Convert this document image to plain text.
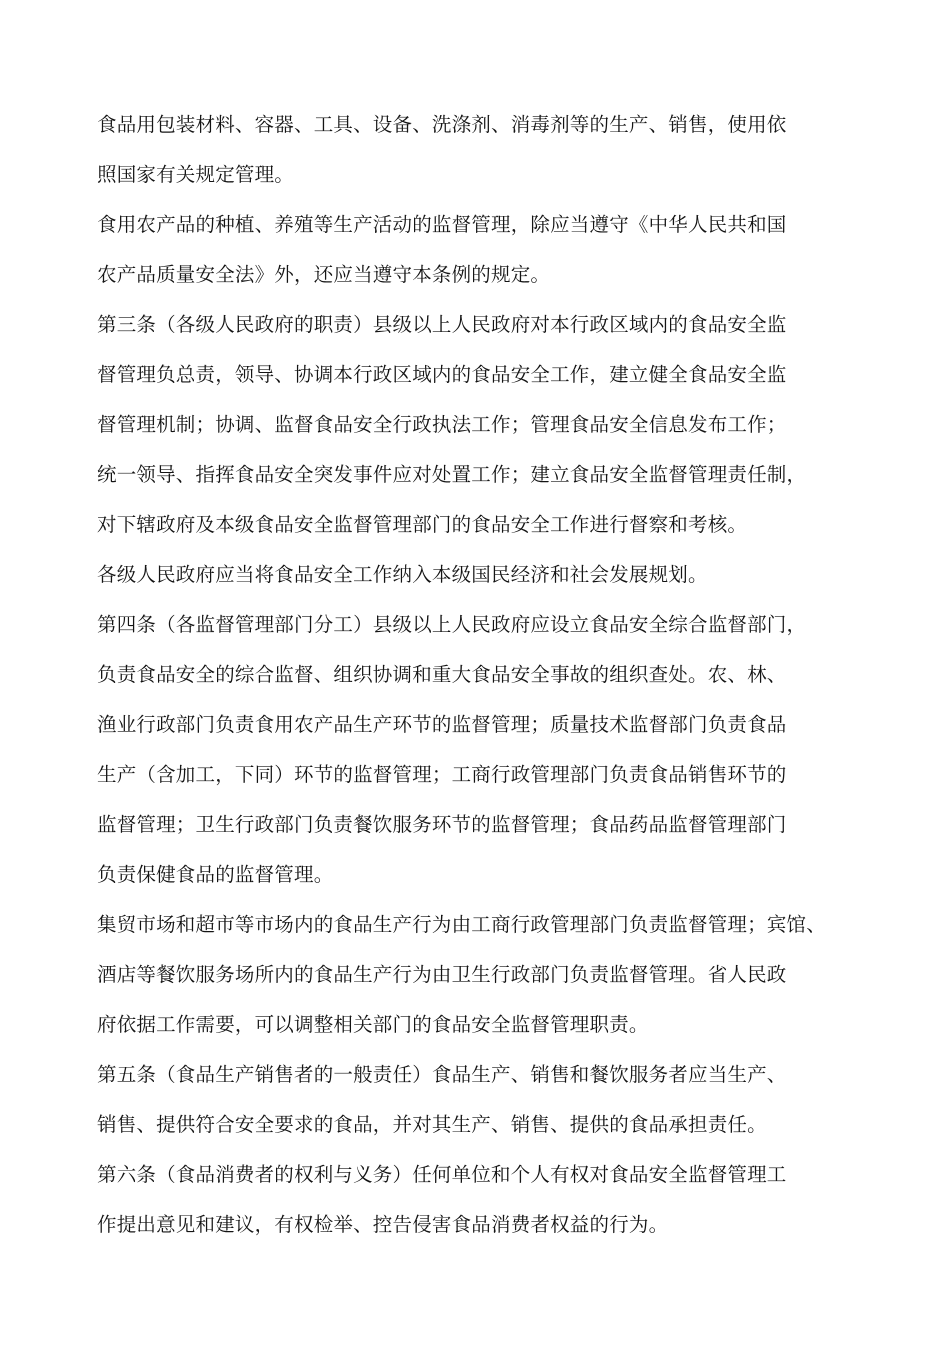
食品用包装材料、容器、工具、设备、洗涤剂、消毒剂等的生产、销售，使用依

照国家有关规定管理。

食用农产品的种植、养殖等生产活动的监督管理，除应当遵守《中华人民共和国

农产品质量安全法》外，还应当遵守本条例的规定。

第三条（各级人民政府的职责）县级以上人民政府对本行政区域内的食品安全监

督管理负总责，领导、协调本行政区域内的食品安全工作，建立健全食品安全监

督管理机制；协调、监督食品安全行政执法工作；管理食品安全信息发布工作；

统一领导、指挥食品安全突发事件应对处置工作；建立食品安全监督管理责任制，

对下辖政府及本级食品安全监督管理部门的食品安全工作进行督察和考核。

各级人民政府应当将食品安全工作纳入本级国民经济和社会发展规划。

第四条（各监督管理部门分工）县级以上人民政府应设立食品安全综合监督部门，

负责食品安全的综合监督、组织协调和重大食品安全事故的组织查处。农、林、

渔业行政部门负责食用农产品生产环节的监督管理；质量技术监督部门负责食品

生产（含加工，下同）环节的监督管理；工商行政管理部门负责食品销售环节的

监督管理；卫生行政部门负责餐饮服务环节的监督管理；食品药品监督管理部门

负责保健食品的监督管理。

集贸市场和超市等市场内的食品生产行为由工商行政管理部门负责监督管理；宾馆、

酒店等餐饮服务场所内的食品生产行为由卫生行政部门负责监督管理。省人民政

府依据工作需要，可以调整相关部门的食品安全监督管理职责。

第五条（食品生产销售者的一般责任）食品生产、销售和餐饮服务者应当生产、

销售、提供符合安全要求的食品，并对其生产、销售、提供的食品承担责任。

第六条（食品消费者的权利与义务）任何单位和个人有权对食品安全监督管理工

作提出意见和建议，有权检举、控告侵害食品消费者权益的行为。
